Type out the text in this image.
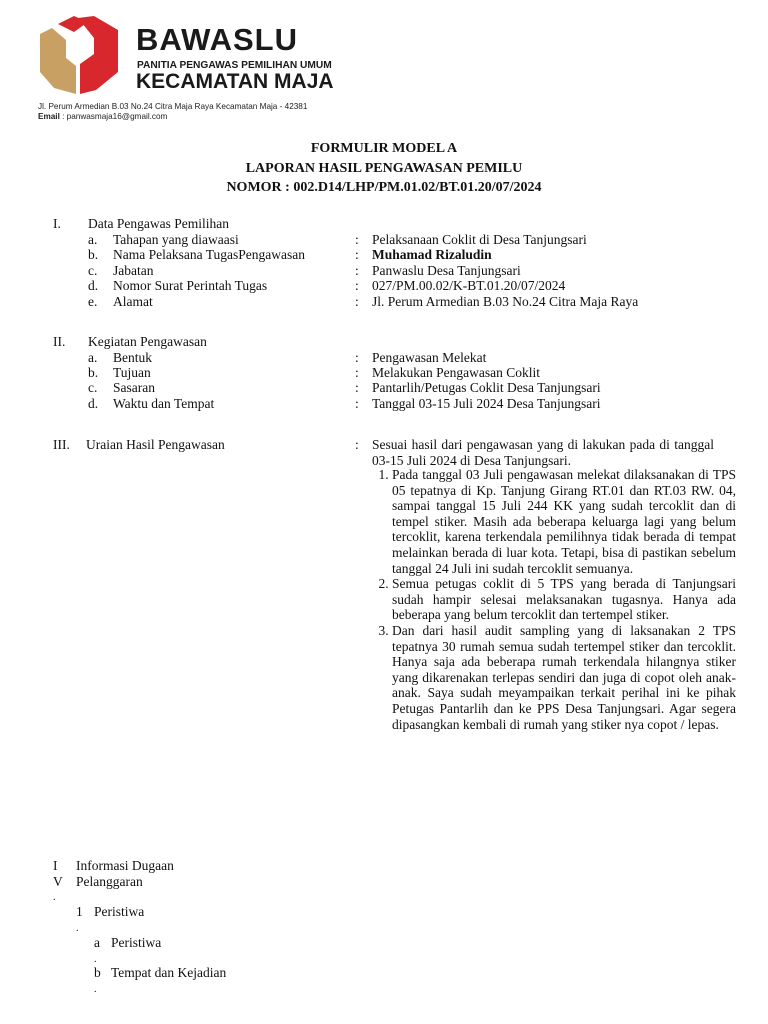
BAWASLU
PANITIA PENGAWAS PEMILIHAN UMUM
KECAMATAN MAJA
Jl. Perum Armedian B.03 No.24 Citra Maja Raya Kecamatan Maja - 42381
Email : panwasmaja16@gmail.com
FORMULIR MODEL A
LAPORAN HASIL PENGAWASAN PEMILU
NOMOR : 002.D14/LHP/PM.01.02/BT.01.20/07/2024
I. Data Pengawas Pemilihan
a. Tahapan yang diawaasi	: Pelaksanaan Coklit di Desa Tanjungsari
b. Nama Pelaksana TugasPengawasan	: Muhamad Rizaludin
c. Jabatan	: Panwaslu Desa Tanjungsari
d. Nomor Surat Perintah Tugas	: 027/PM.00.02/K-BT.01.20/07/2024
e. Alamat	: Jl. Perum Armedian B.03 No.24 Citra Maja Raya
II. Kegiatan Pengawasan
a. Bentuk	: Pengawasan Melekat
b. Tujuan	: Melakukan Pengawasan Coklit
c. Sasaran	: Pantarlih/Petugas Coklit Desa Tanjungsari
d. Waktu dan Tempat	: Tanggal 03-15 Juli 2024 Desa Tanjungsari
III. Uraian Hasil Pengawasan	: Sesuai hasil dari pengawasan yang di lakukan pada di tanggal 03-15 Juli 2024 di Desa Tanjungsari.
1. Pada tanggal 03 Juli pengawasan melekat dilaksanakan di TPS 05 tepatnya di Kp. Tanjung Girang RT.01 dan RT.03 RW. 04, sampai tanggal 15 Juli 244 KK yang sudah tercoklit dan di tempel stiker. Masih ada beberapa keluarga lagi yang belum tercoklit, karena terkendala pemilihnya tidak berada di tempat melainkan berada di luar kota. Tetapi, bisa di pastikan sebelum tanggal 24 Juli ini sudah tercoklit semuanya.
2. Semua petugas coklit di 5 TPS yang berada di Tanjungsari sudah hampir selesai melaksanakan tugasnya. Hanya ada beberapa yang belum tercoklit dan tertempel stiker.
3. Dan dari hasil audit sampling yang di laksanakan 2 TPS tepatnya 30 rumah semua sudah tertempel stiker dan tercoklit. Hanya saja ada beberapa rumah terkendala hilangnya stiker yang dikarenakan terlepas sendiri dan juga di copot oleh anak-anak. Saya sudah meyampaikan terkait perihal ini ke pihak Petugas Pantarlih dan ke PPS Desa Tanjungsari. Agar segera dipasangkan kembali di rumah yang stiker nya copot / lepas.
I
V
.
Informasi Dugaan
Pelanggaran
1
.
Peristiwa
a
.
Peristiwa
b
.
Tempat dan Kejadian
